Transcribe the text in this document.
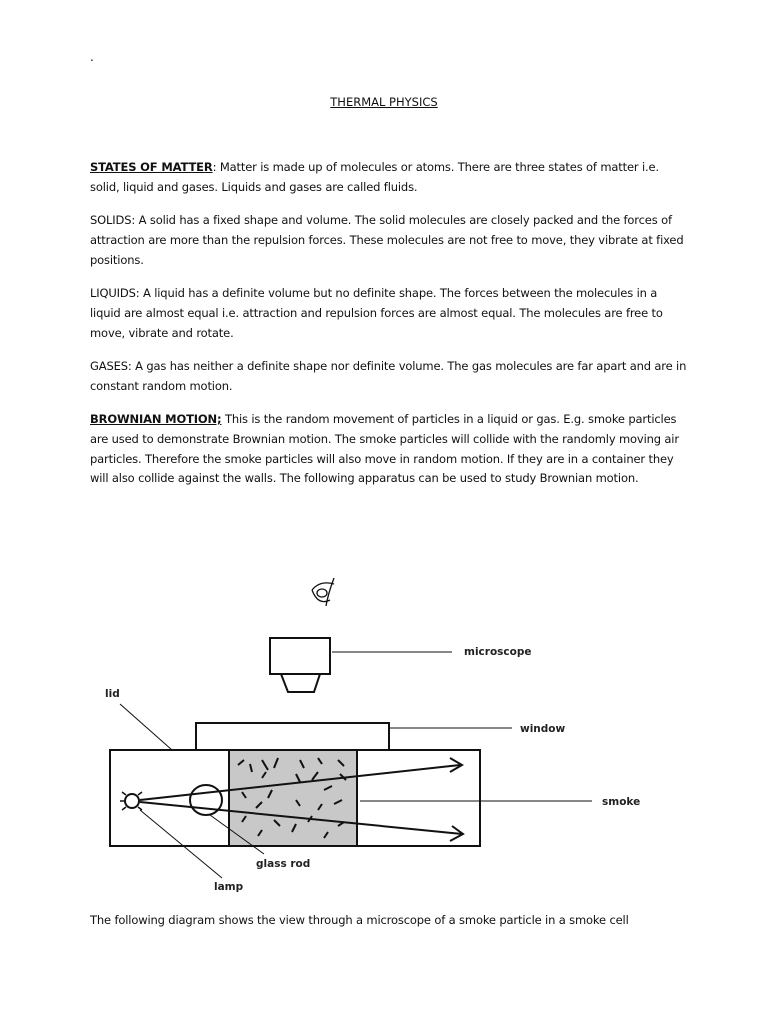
.
THERMAL PHYSICS

STATES OF MATTER: Matter is made up of molecules or atoms. There are three states of matter i.e. solid, liquid and gases. Liquids and gases are called fluids.

SOLIDS: A solid has a fixed shape and volume. The solid molecules are closely packed and the forces of attraction are more than the repulsion forces. These molecules are not free to move, they vibrate at fixed positions.

LIQUIDS: A liquid has a definite volume but no definite shape. The forces between the molecules in a liquid are almost equal i.e. attraction and repulsion forces are almost equal. The molecules are free to move, vibrate and rotate.

GASES: A gas has neither a definite shape nor definite volume. The gas molecules are far apart and are in constant random motion.

BROWNIAN MOTION; This is the random movement of particles in a liquid or gas. E.g. smoke particles are used to demonstrate Brownian motion. The smoke particles will collide with the randomly moving air particles. Therefore the smoke particles will also move in random motion. If they are in a container they will also collide against the walls. The following apparatus can be used to study Brownian motion.

microscope
window
lid
smoke
glass rod
lamp
The following diagram shows the view through a microscope of a smoke particle in a smoke cell
